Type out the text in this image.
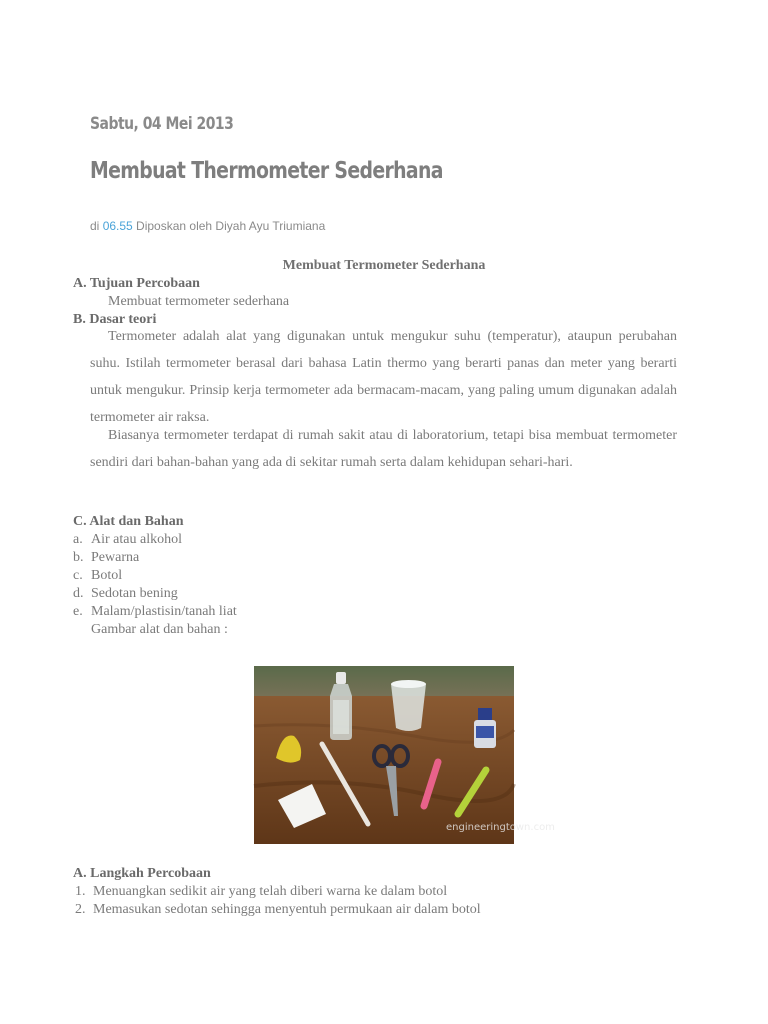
Sabtu, 04 Mei 2013
Membuat Thermometer Sederhana
di 06.55 Diposkan oleh Diyah Ayu Triumiana
Membuat Termometer Sederhana
A. Tujuan Percobaan
Membuat termometer sederhana
B. Dasar teori
Termometer adalah alat yang digunakan untuk mengukur suhu (temperatur), ataupun perubahan suhu. Istilah termometer berasal dari bahasa Latin thermo yang berarti panas dan meter yang berarti untuk mengukur. Prinsip kerja termometer ada bermacam-macam, yang paling umum digunakan adalah termometer air raksa.
Biasanya termometer terdapat di rumah sakit atau di laboratorium, tetapi bisa membuat termometer sendiri dari bahan-bahan yang ada di sekitar rumah serta dalam kehidupan sehari-hari.
C. Alat dan Bahan
a. Air atau alkohol
b. Pewarna
c. Botol
d. Sedotan bening
e. Malam/plastisin/tanah liat
Gambar alat dan bahan :
engineeringtown.com
A. Langkah Percobaan
1. Menuangkan sedikit air yang telah diberi warna ke dalam botol
2. Memasukan sedotan sehingga menyentuh permukaan air dalam botol
